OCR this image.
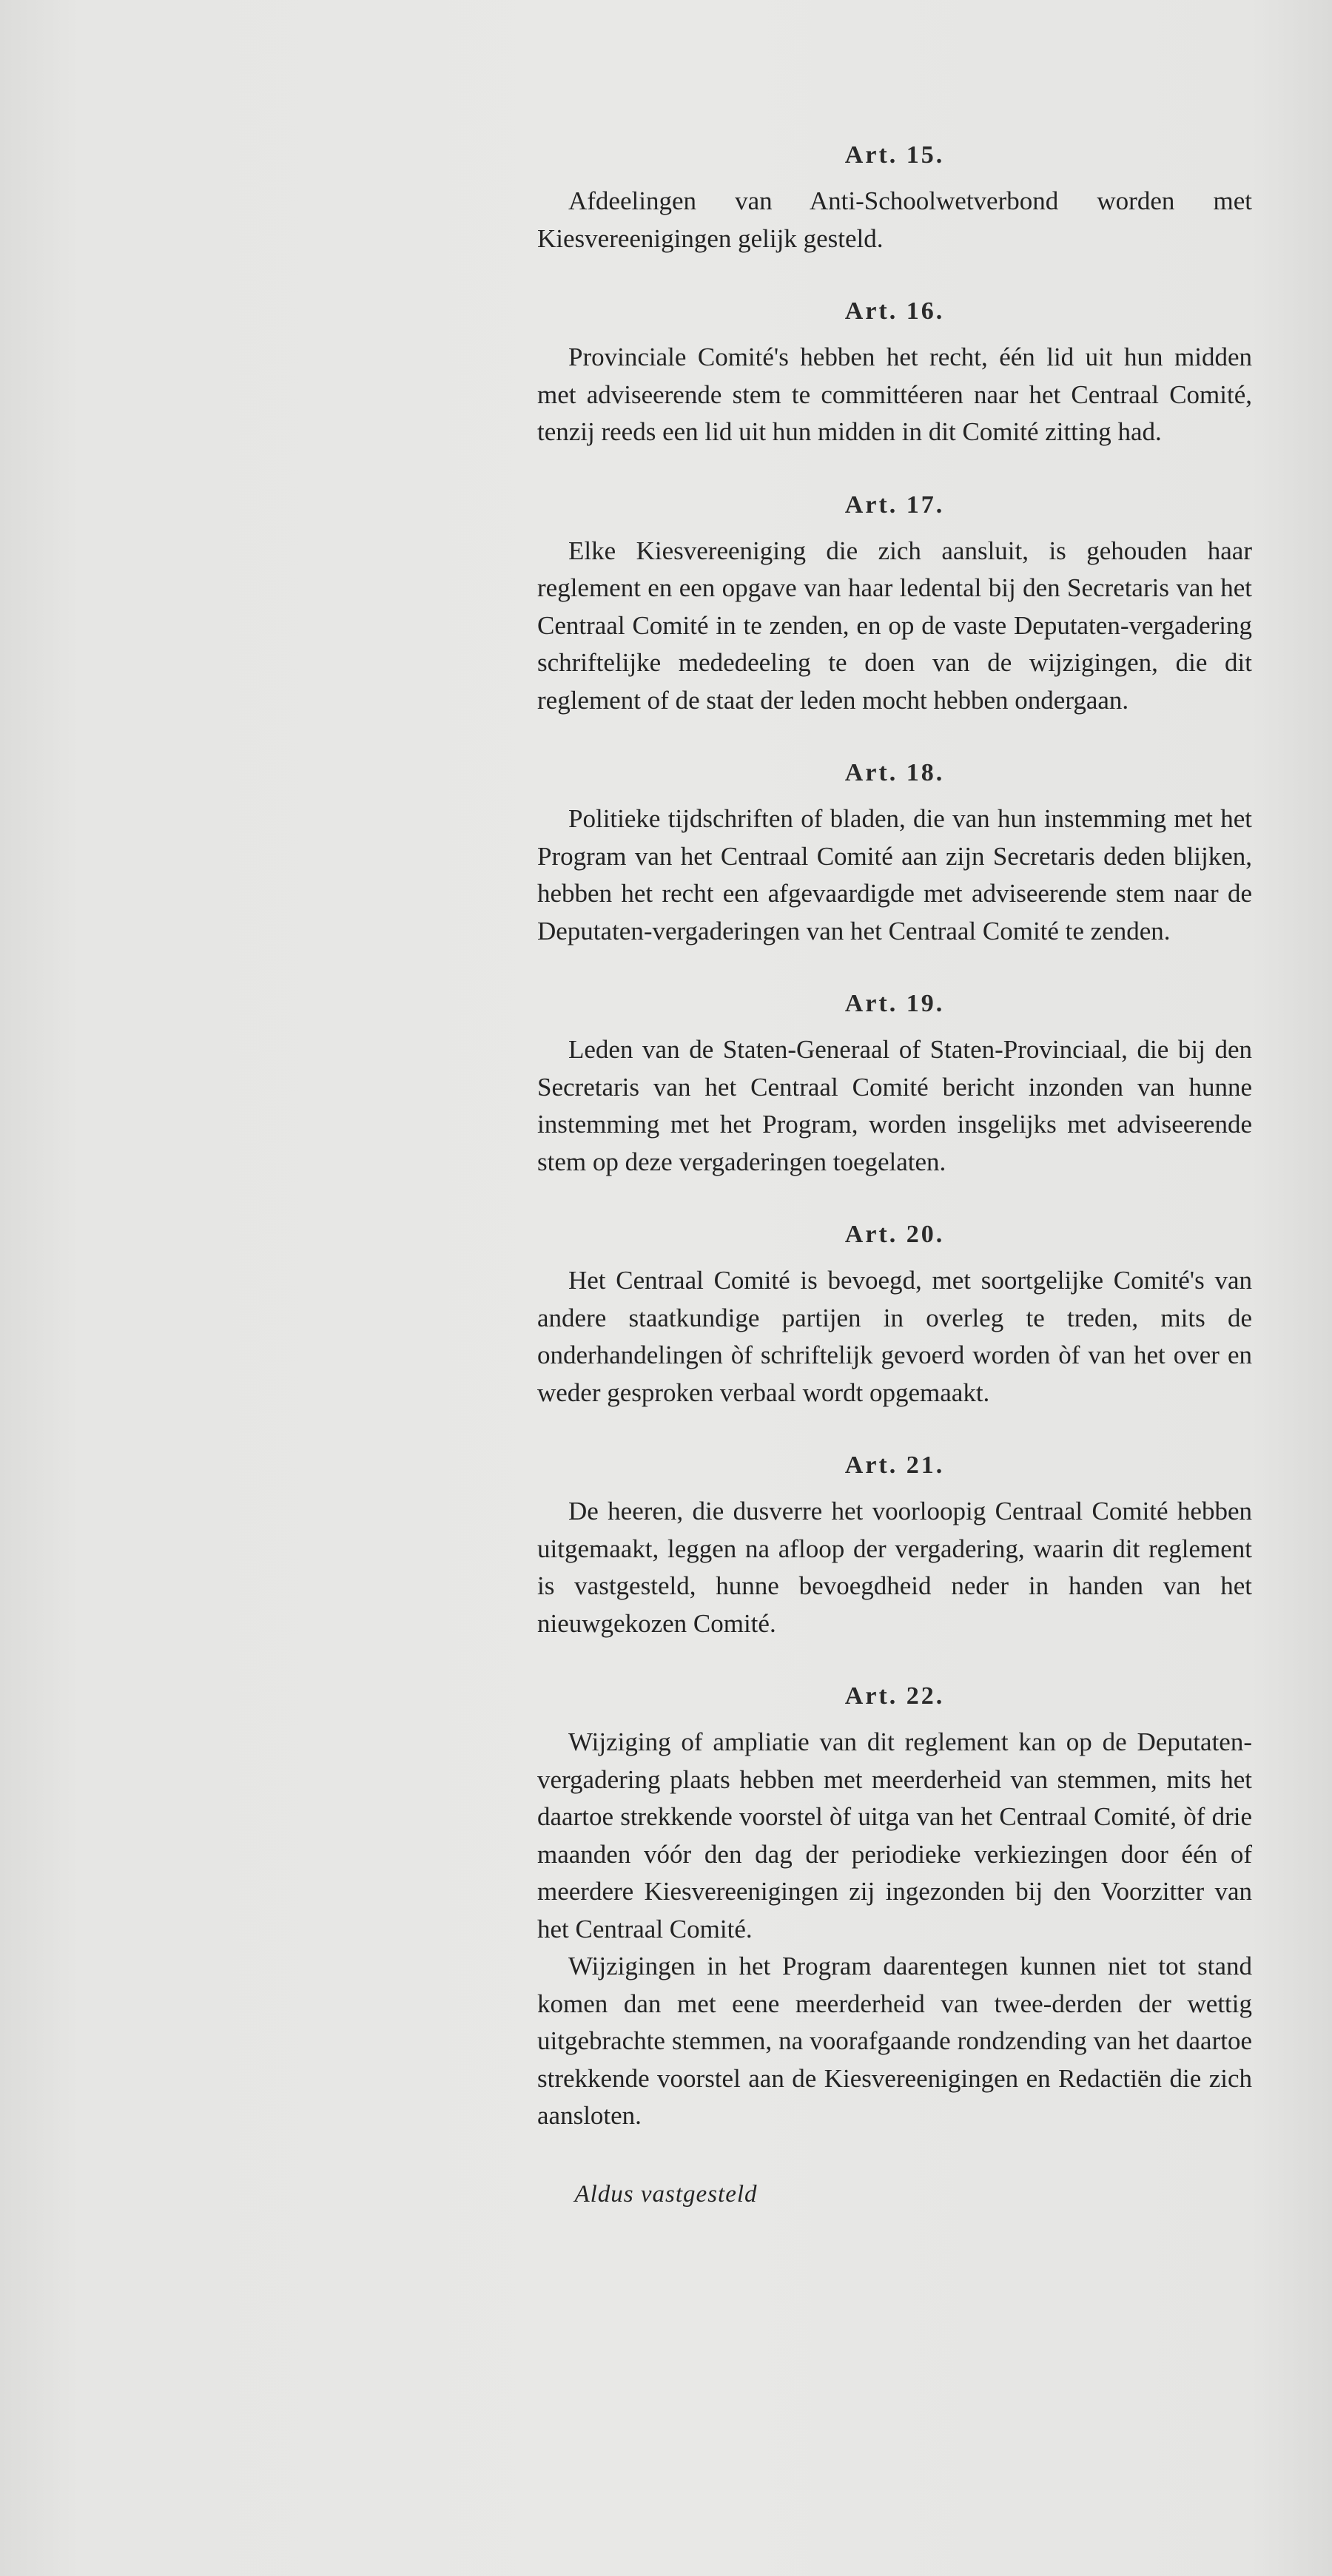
Art. 15.

Afdeelingen van Anti-Schoolwetverbond worden met Kiesvereenigingen gelijk gesteld.

Art. 16.

Provinciale Comité's hebben het recht, één lid uit hun midden met adviseerende stem te committéeren naar het Centraal Comité, tenzij reeds een lid uit hun midden in dit Comité zitting had.

Art. 17.

Elke Kiesvereeniging die zich aansluit, is gehouden haar reglement en een opgave van haar ledental bij den Secretaris van het Centraal Comité in te zenden, en op de vaste Deputaten-vergadering schriftelijke mededeeling te doen van de wijzigingen, die dit reglement of de staat der leden mocht hebben ondergaan.

Art. 18.

Politieke tijdschriften of bladen, die van hun instemming met het Program van het Centraal Comité aan zijn Secretaris deden blijken, hebben het recht een afgevaardigde met adviseerende stem naar de Deputaten-vergaderingen van het Centraal Comité te zenden.

Art. 19.

Leden van de Staten-Generaal of Staten-Provinciaal, die bij den Secretaris van het Centraal Comité bericht inzonden van hunne instemming met het Program, worden insgelijks met adviseerende stem op deze vergaderingen toegelaten.

Art. 20.

Het Centraal Comité is bevoegd, met soortgelijke Comité's van andere staatkundige partijen in overleg te treden, mits de onderhandelingen òf schriftelijk gevoerd worden òf van het over en weder gesproken verbaal wordt opgemaakt.

Art. 21.

De heeren, die dusverre het voorloopig Centraal Comité hebben uitgemaakt, leggen na afloop der vergadering, waarin dit reglement is vastgesteld, hunne bevoegdheid neder in handen van het nieuwgekozen Comité.

Art. 22.

Wijziging of ampliatie van dit reglement kan op de Deputaten-vergadering plaats hebben met meerderheid van stemmen, mits het daartoe strekkende voorstel òf uitga van het Centraal Comité, òf drie maanden vóór den dag der periodieke verkiezingen door één of meerdere Kiesvereenigingen zij ingezonden bij den Voorzitter van het Centraal Comité.

Wijzigingen in het Program daarentegen kunnen niet tot stand komen dan met eene meerderheid van twee-derden der wettig uitgebrachte stemmen, na voorafgaande rondzending van het daartoe strekkende voorstel aan de Kiesvereenigingen en Redactiën die zich aansloten.

Aldus vastgesteld
